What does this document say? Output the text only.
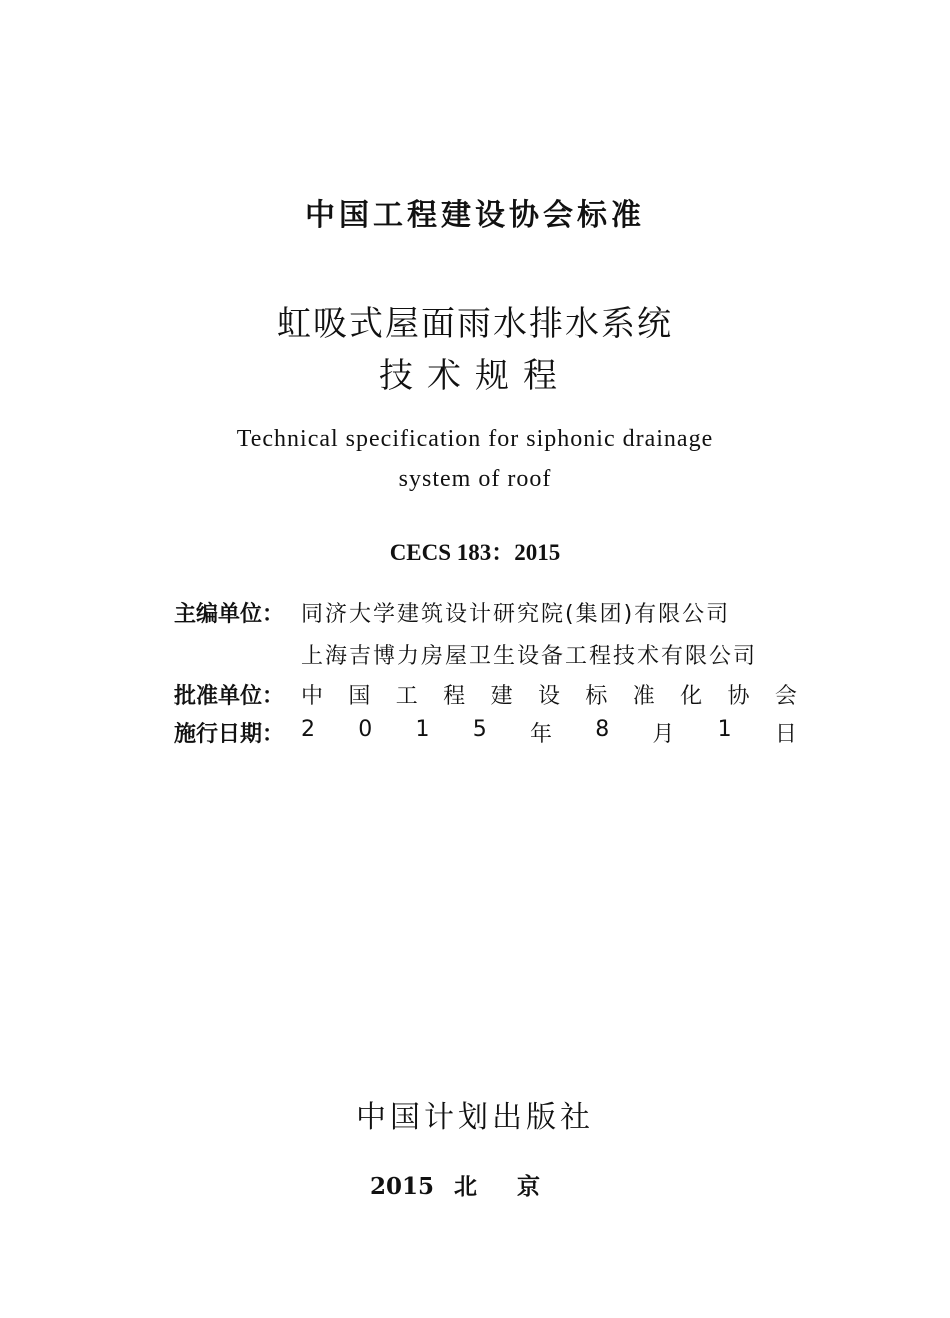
中国工程建设协会标准
虹吸式屋面雨水排水系统
技术规程
Technical specification for siphonic drainage
system of roof
CECS 183：2015
主编单位： 同济大学建筑设计研究院(集团)有限公司
上海吉博力房屋卫生设备工程技术有限公司
批准单位： 中 国 工 程 建 设 标 准 化 协 会
施行日期： 2 0 1 5 年 8 月 1 日
中国计划出版社
2015 北京
